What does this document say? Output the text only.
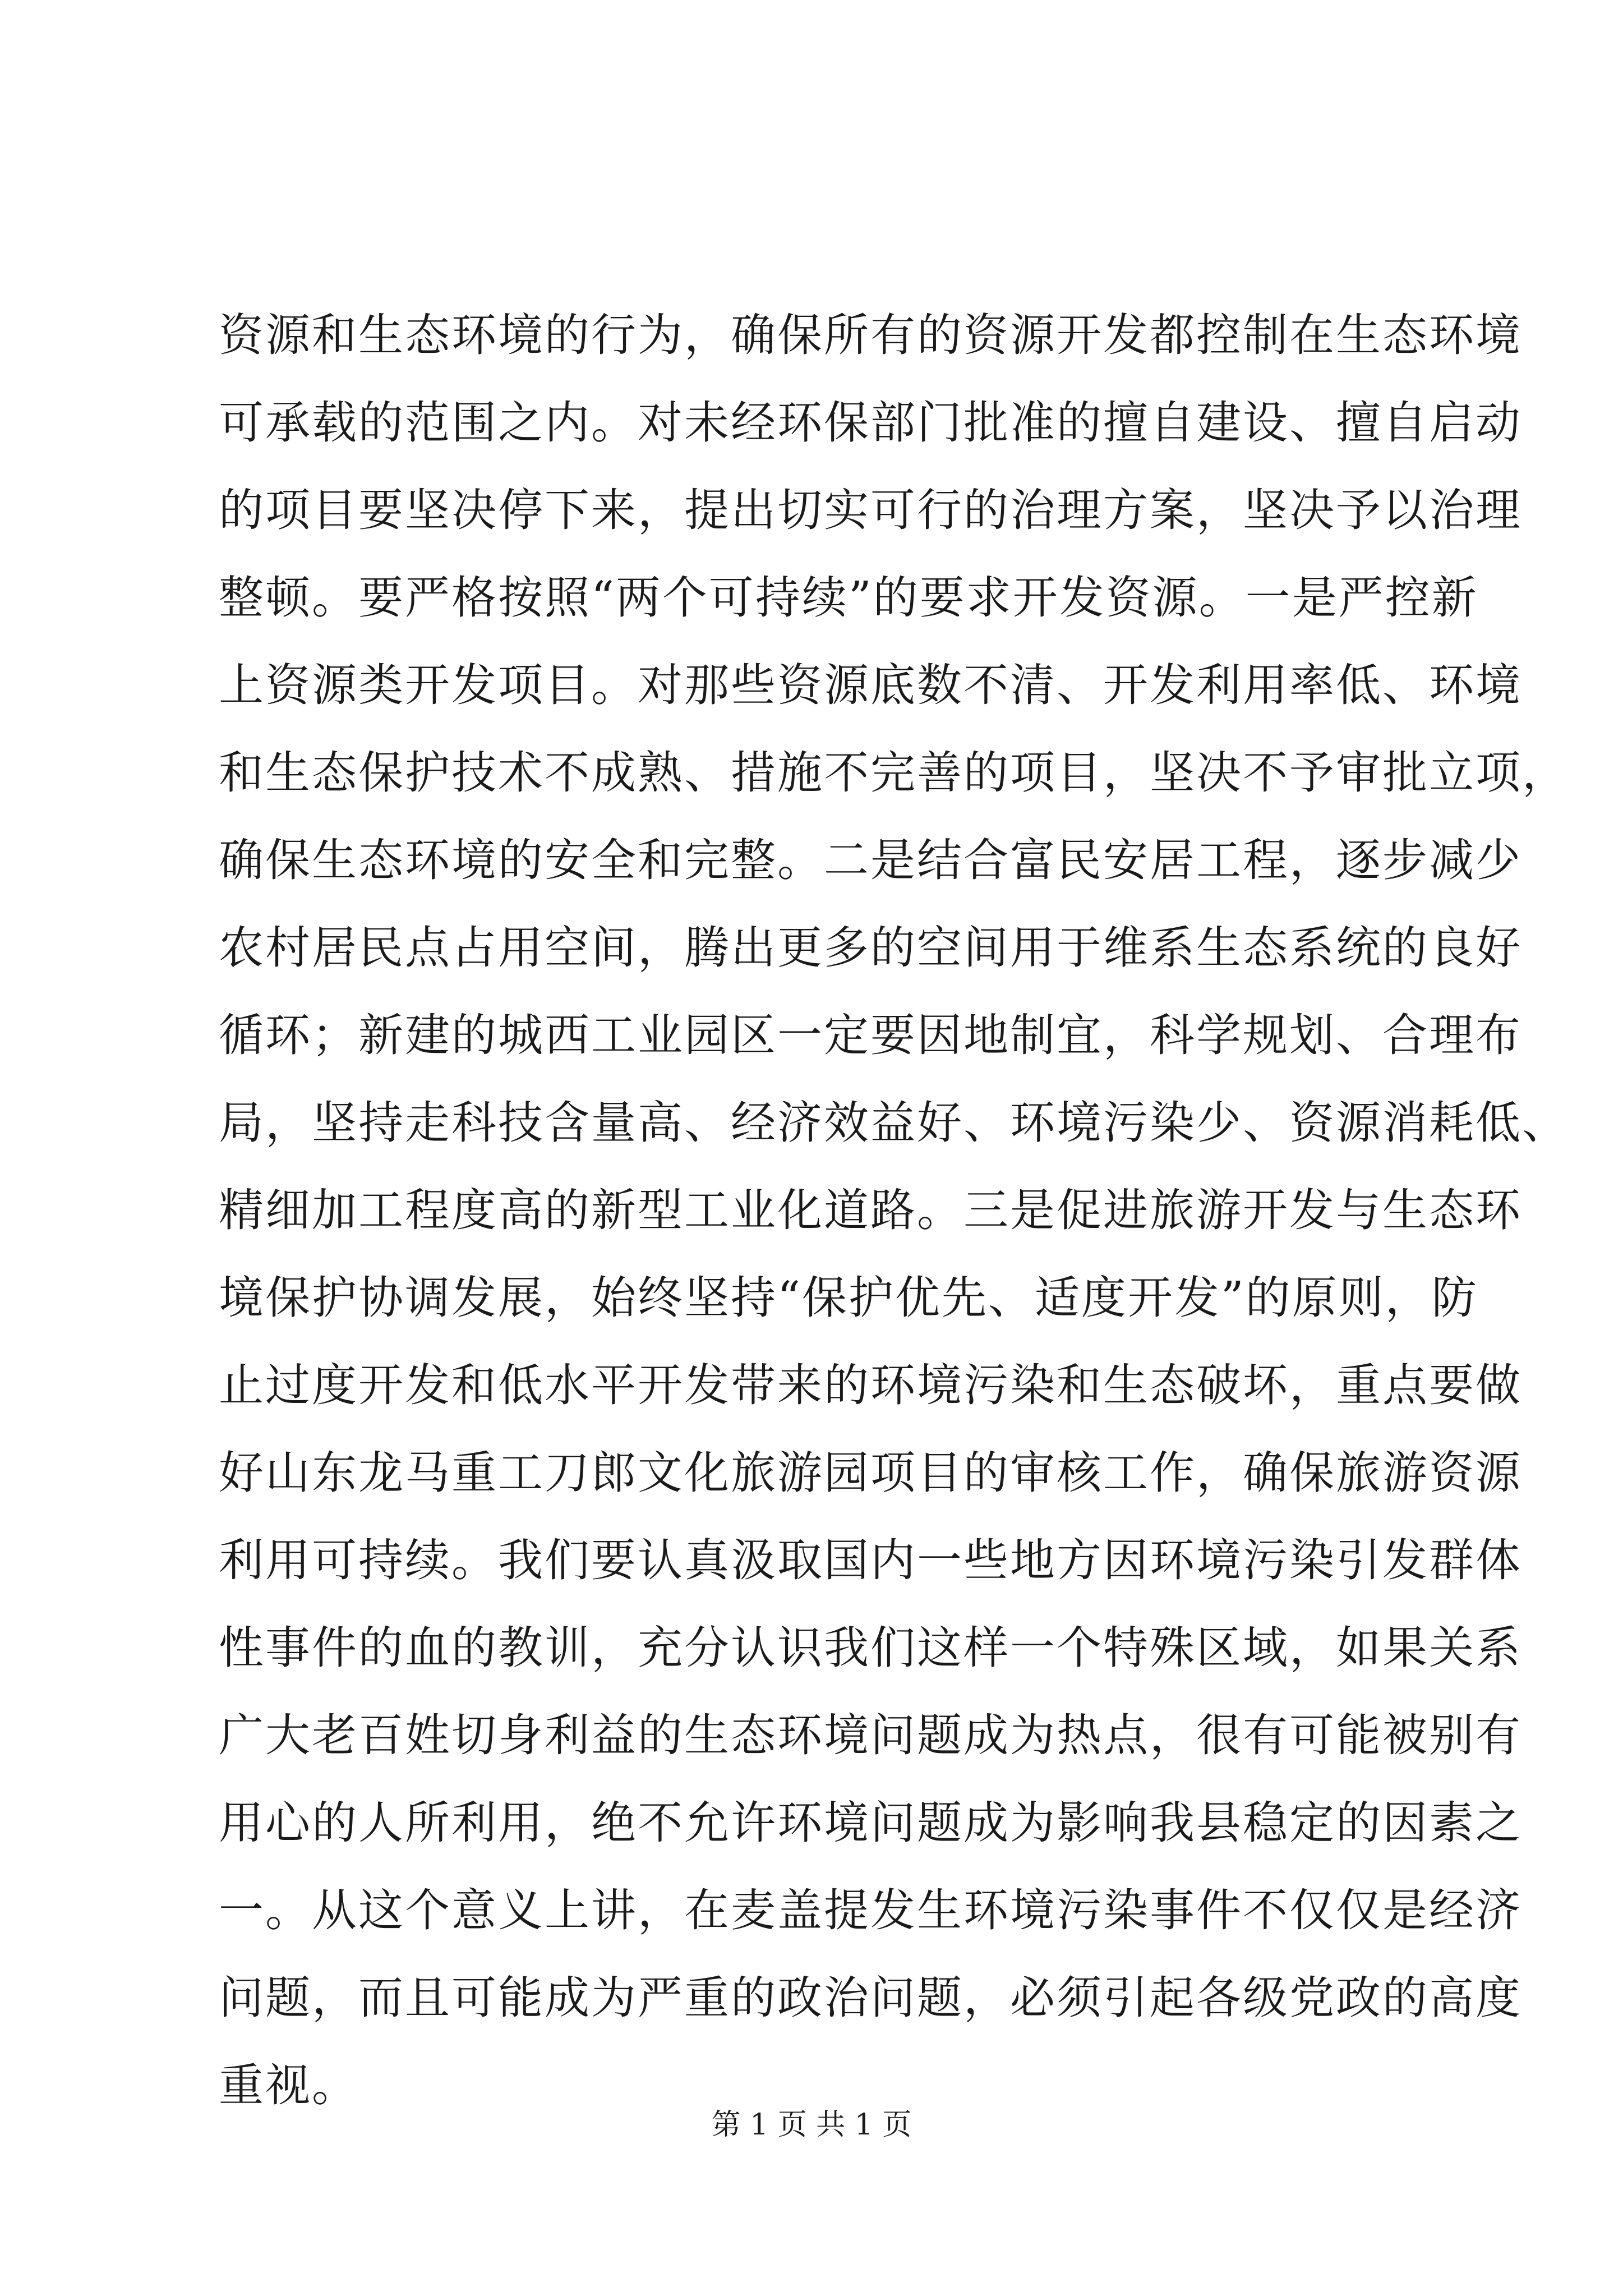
资源和生态环境的行为，确保所有的资源开发都控制在生态环境
可承载的范围之内。对未经环保部门批准的擅自建设、擅自启动
的项目要坚决停下来，提出切实可行的治理方案，坚决予以治理
整顿。要严格按照“两个可持续”的要求开发资源。一是严控新
上资源类开发项目。对那些资源底数不清、开发利用率低、环境
和生态保护技术不成熟、措施不完善的项目，坚决不予审批立项，
确保生态环境的安全和完整。二是结合富民安居工程，逐步减少
农村居民点占用空间，腾出更多的空间用于维系生态系统的良好
循环；新建的城西工业园区一定要因地制宜，科学规划、合理布
局，坚持走科技含量高、经济效益好、环境污染少、资源消耗低、
精细加工程度高的新型工业化道路。三是促进旅游开发与生态环
境保护协调发展，始终坚持“保护优先、适度开发”的原则，防
止过度开发和低水平开发带来的环境污染和生态破坏，重点要做
好山东龙马重工刀郎文化旅游园项目的审核工作，确保旅游资源
利用可持续。我们要认真汲取国内一些地方因环境污染引发群体
性事件的血的教训，充分认识我们这样一个特殊区域，如果关系
广大老百姓切身利益的生态环境问题成为热点，很有可能被别有
用心的人所利用，绝不允许环境问题成为影响我县稳定的因素之
一。从这个意义上讲，在麦盖提发生环境污染事件不仅仅是经济
问题，而且可能成为严重的政治问题，必须引起各级党政的高度
重视。
第 1 页 共 1 页
